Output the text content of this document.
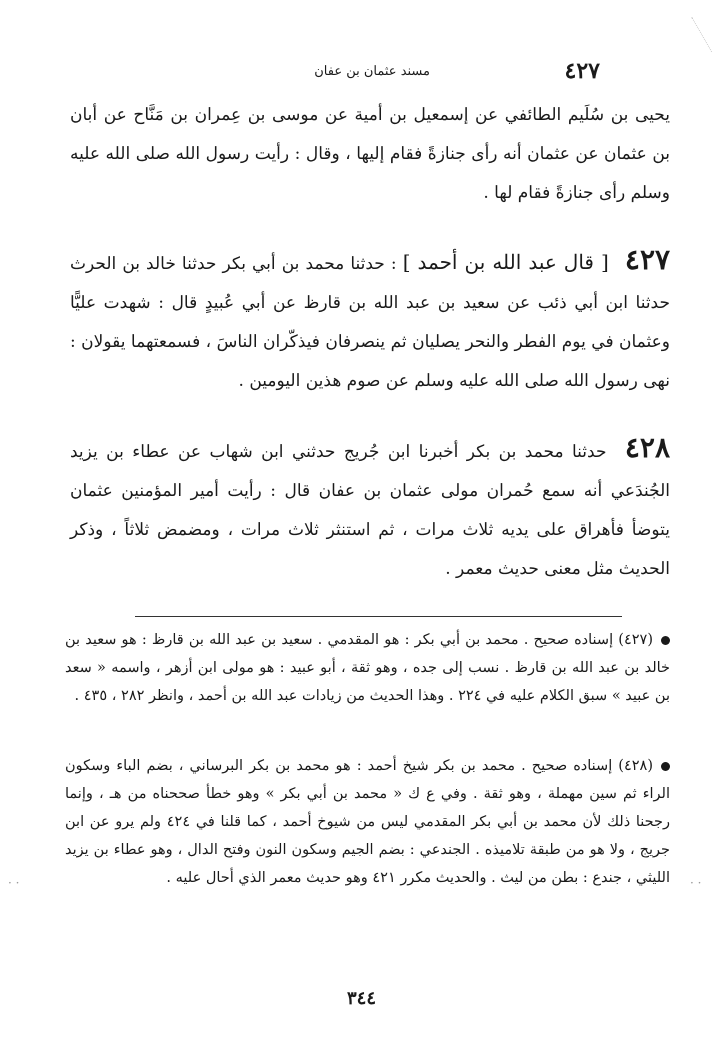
٤٢٧
مسند عثمان بن عفان
يحيى بن سُلَيم الطائفي عن إسمعيل بن أمية عن موسى بن عِمران بن مَنَّاح عن أبان بن عثمان عن عثمان أنه رأى جنازةً فقام إليها ، وقال : رأيت رسول الله صلى الله عليه وسلم رأى جنازةً فقام لها .
٤٢٧ [ قال عبد الله بن أحمد ] : حدثنا محمد بن أبي بكر حدثنا خالد بن الحرث حدثنا ابن أبي ذئب عن سعيد بن عبد الله بن قارظ عن أبي عُبيدٍ قال : شهدت عليًّا وعثمان في يوم الفطر والنحر يصليان ثم ينصرفان فيذكّران الناسَ ، فسمعتهما يقولان : نهى رسول الله صلى الله عليه وسلم عن صوم هذين اليومين .
٤٢٨ حدثنا محمد بن بكر أخبرنا ابن جُريج حدثني ابن شهاب عن عطاء بن يزيد الجُندَعي أنه سمع حُمران مولى عثمان بن عفان قال : رأيت أمير المؤمنين عثمان يتوضأ فأهراق على يديه ثلاث مرات ، ثم استنثر ثلاث مرات ، ومضمض ثلاثاً ، وذكر الحديث مثل معنى حديث معمر .
(٤٢٧) إسناده صحيح . محمد بن أبي بكر : هو المقدمي . سعيد بن عبد الله بن قارظ : هو سعيد بن خالد بن عبد الله بن قارظ . نسب إلى جده ، وهو ثقة ، أبو عبيد : هو مولى ابن أزهر ، واسمه « سعد بن عبيد » سبق الكلام عليه في ٢٢٤ . وهذا الحديث من زيادات عبد الله بن أحمد ، وانظر ٢٨٢ ، ٤٣٥ .
(٤٢٨) إسناده صحيح . محمد بن بكر شيخ أحمد : هو محمد بن بكر البرساني ، بضم الباء وسكون الراء ثم سين مهملة ، وهو ثقة . وفي ع ك « محمد بن أبي بكر » وهو خطأ صححناه من هـ ، وإنما رجحنا ذلك لأن محمد بن أبي بكر المقدمي ليس من شيوخ أحمد ، كما قلنا في ٤٢٤ ولم يرو عن ابن جريج ، ولا هو من طبقة تلاميذه . الجندعي : بضم الجيم وسكون النون وفتح الدال ، وهو عطاء بن يزيد الليثي ، جندع : بطن من ليث . والحديث مكرر ٤٢١ وهو حديث معمر الذي أحال عليه .
· ·	· ·
٣٤٤
